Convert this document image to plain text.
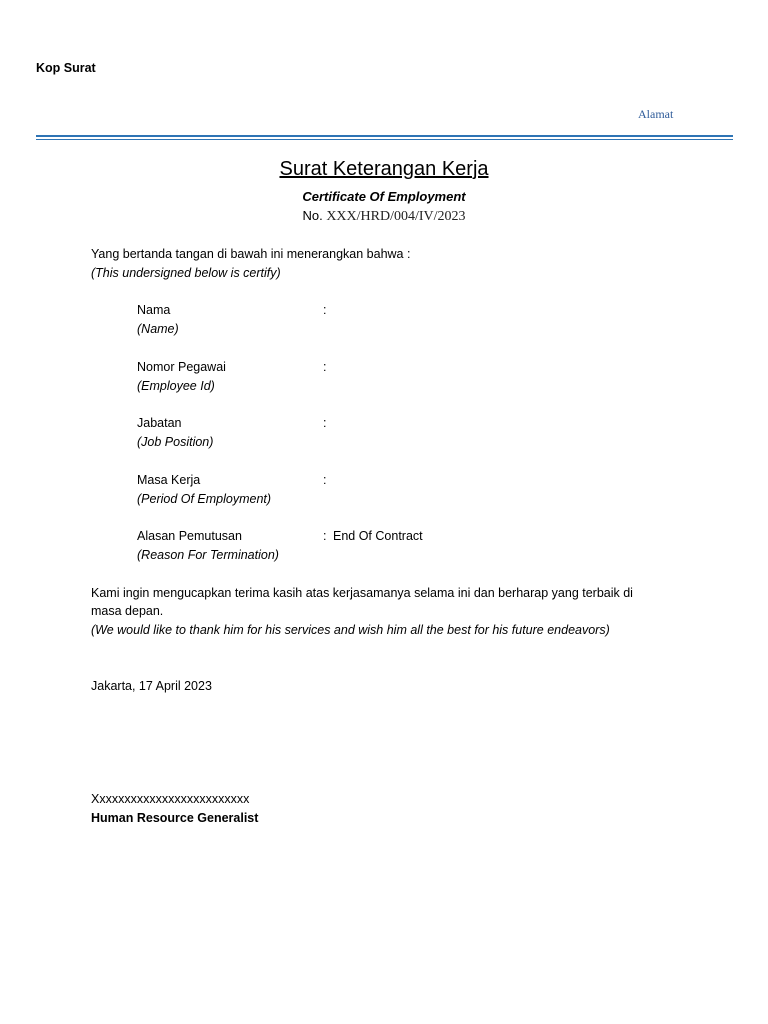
Kop Surat
Alamat
Surat Keterangan Kerja
Certificate Of Employment
No. XXX/HRD/004/IV/2023
Yang bertanda tangan di bawah ini menerangkan bahwa :
(This undersigned below is certify)
Nama	:
(Name)
Nomor Pegawai	:
(Employee Id)
Jabatan	:
(Job Position)
Masa Kerja	:
(Period Of Employment)
Alasan Pemutusan	: End Of Contract
(Reason For Termination)
Kami ingin mengucapkan terima kasih atas kerjasamanya selama ini dan berharap yang terbaik di
masa depan.
(We would like to thank him for his services and wish him all the best for his future endeavors)
Jakarta, 17 April 2023
Xxxxxxxxxxxxxxxxxxxxxxxxx
Human Resource Generalist
